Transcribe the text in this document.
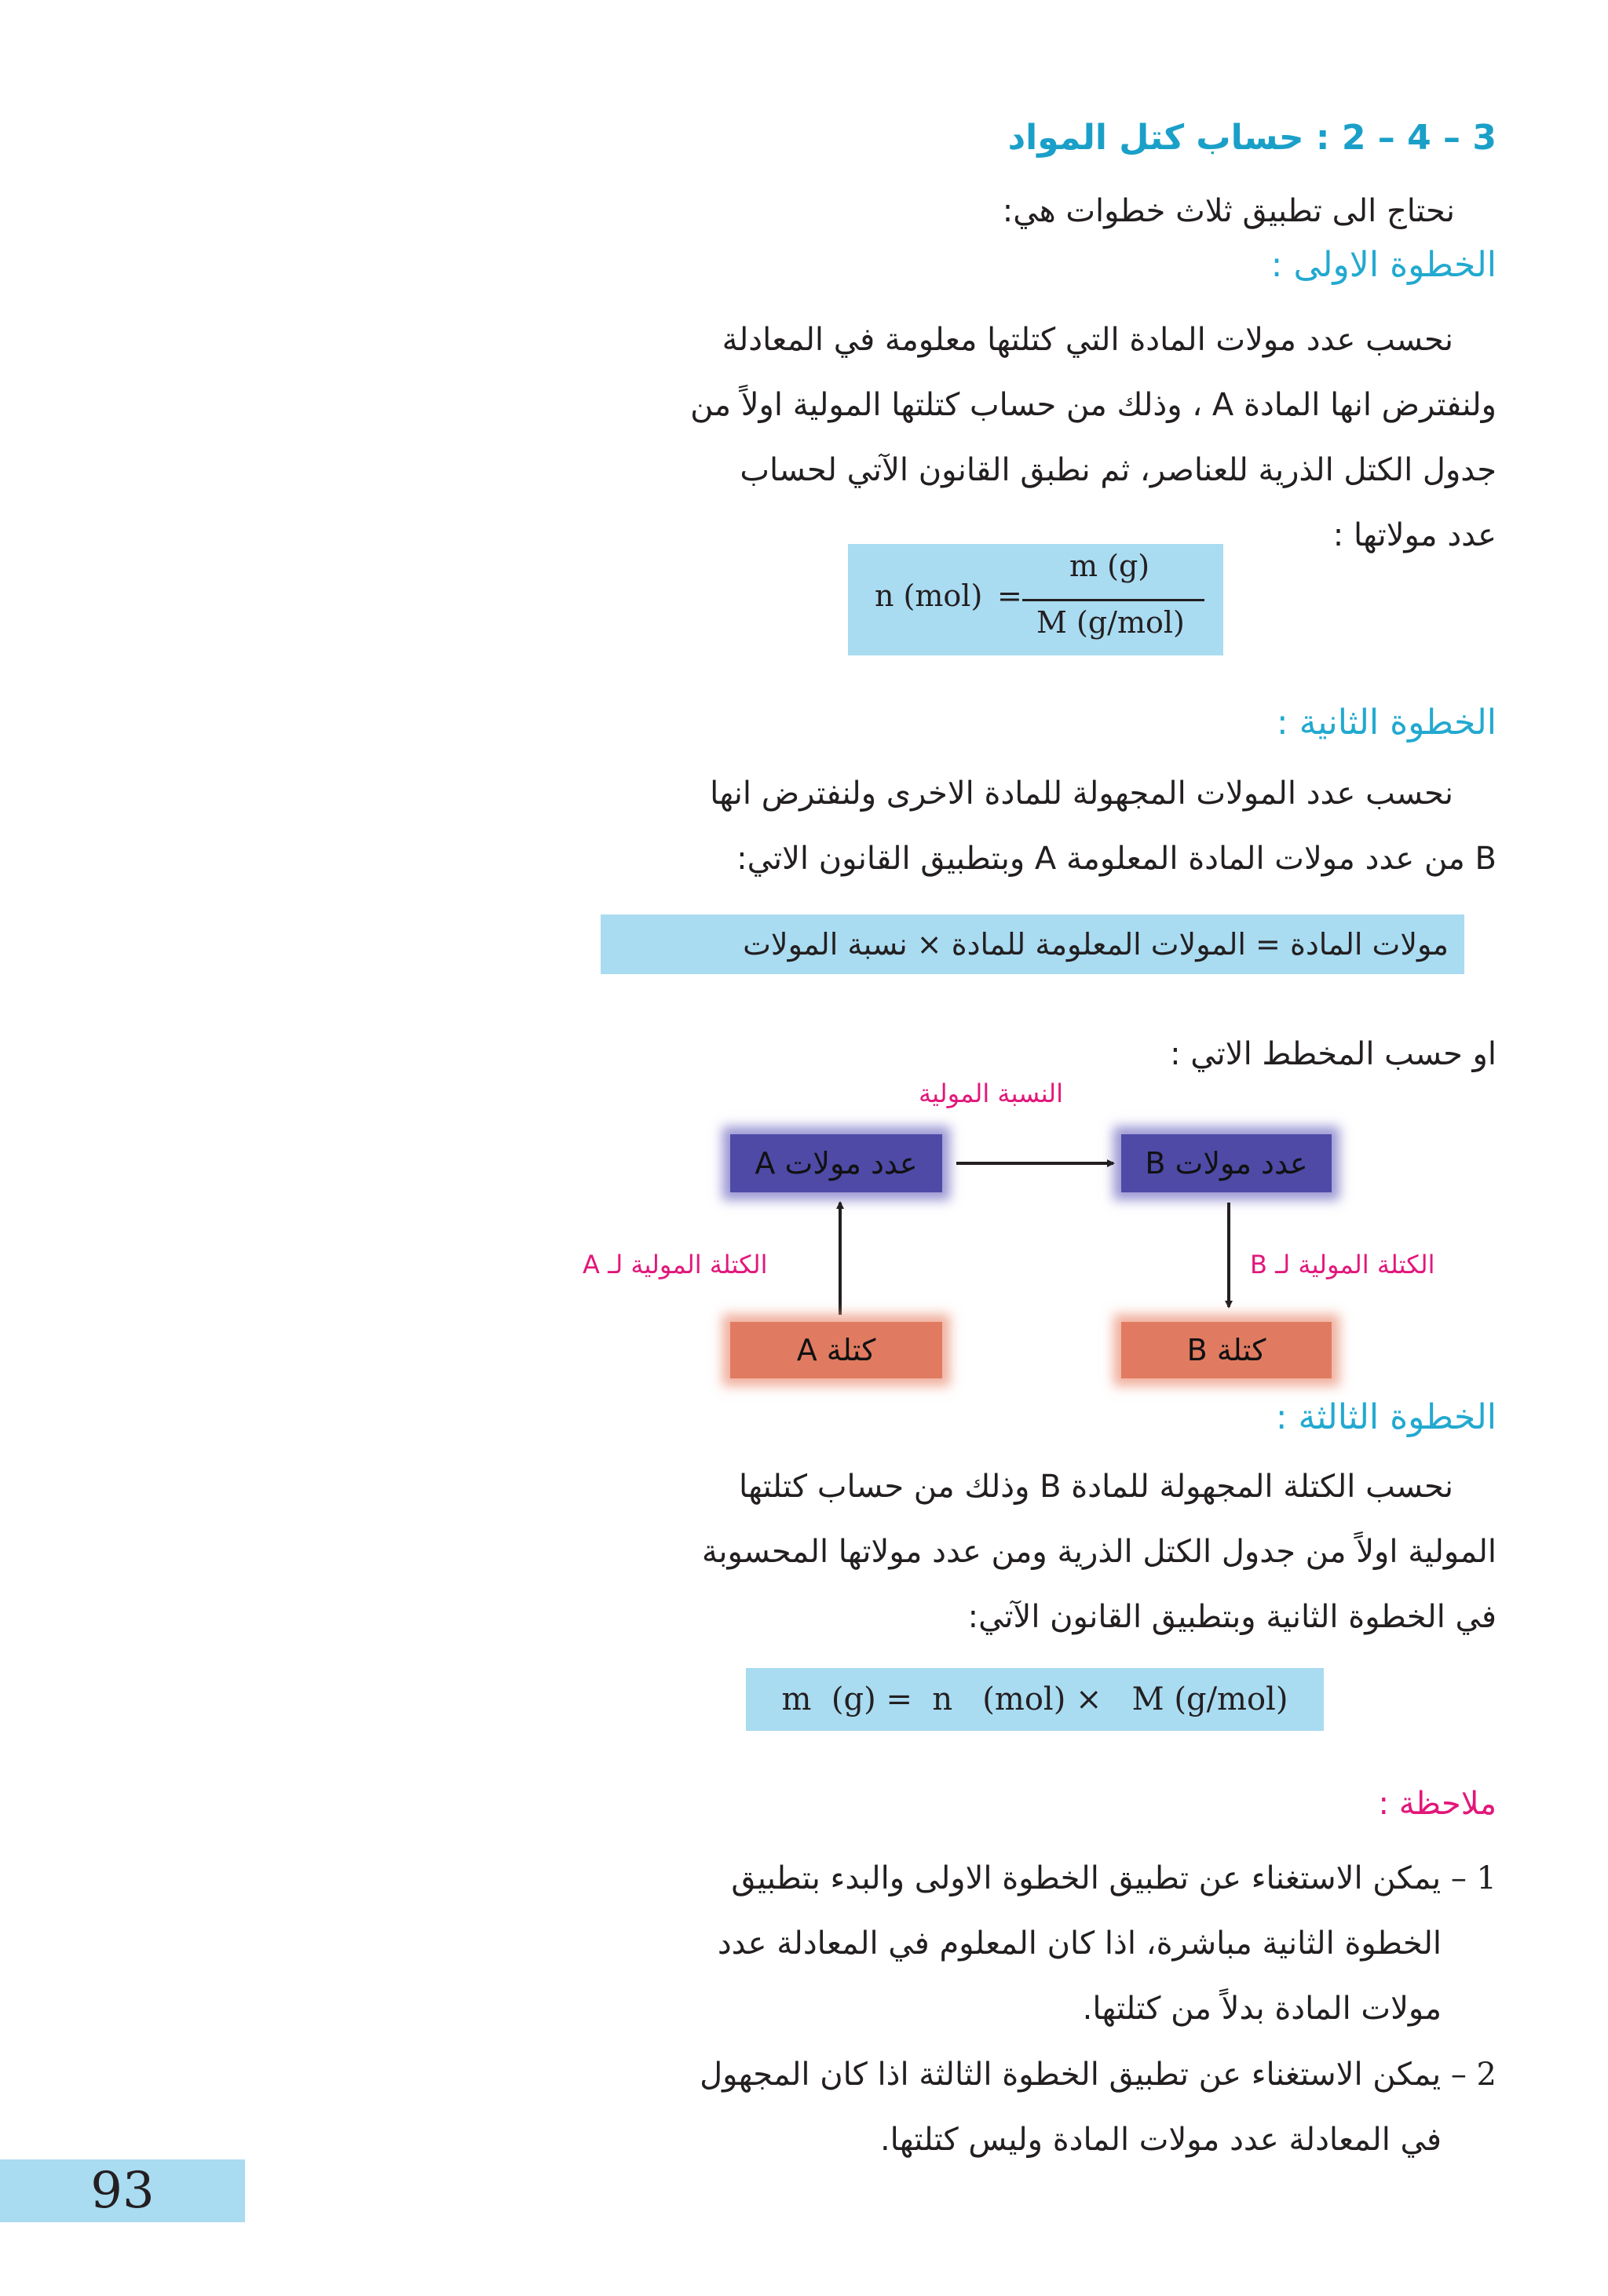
3 – 4 – 2 : حساب كتل المواد
نحتاج الى تطبيق ثلاث خطوات هي:
الخطوة الاولى :
نحسب عدد مولات المادة التي كتلتها معلومة في المعادلة
ولنفترض انها المادة A ، وذلك من حساب كتلتها المولية اولاً من
جدول الكتل الذرية للعناصر، ثم نطبق القانون الآتي لحساب
عدد مولاتها :
n (mol) =
m (g)
M (g/mol)
الخطوة الثانية :
نحسب عدد المولات المجهولة للمادة الاخرى ولنفترض انها
B من عدد مولات المادة المعلومة A وبتطبيق القانون الاتي:
مولات المادة = المولات المعلومة للمادة × نسبة المولات
او حسب المخطط الاتي :
النسبة المولية
عدد مولات A	عدد مولات B
الكتلة المولية لـ A	الكتلة المولية لـ B
كتلة A	كتلة B
الخطوة الثالثة :
نحسب الكتلة المجهولة للمادة B وذلك من حساب كتلتها
المولية اولاً من جدول الكتل الذرية ومن عدد مولاتها المحسوبة
في الخطوة الثانية وبتطبيق القانون الآتي:
m  (g) =  n   (mol) ×   M (g/mol)
ملاحظة :
1 – يمكن الاستغناء عن تطبيق الخطوة الاولى والبدء بتطبيق
الخطوة الثانية مباشرة، اذا كان المعلوم في المعادلة عدد
مولات المادة بدلاً من كتلتها.
2 – يمكن الاستغناء عن تطبيق الخطوة الثالثة اذا كان المجهول
في المعادلة عدد مولات المادة وليس كتلتها.
93
